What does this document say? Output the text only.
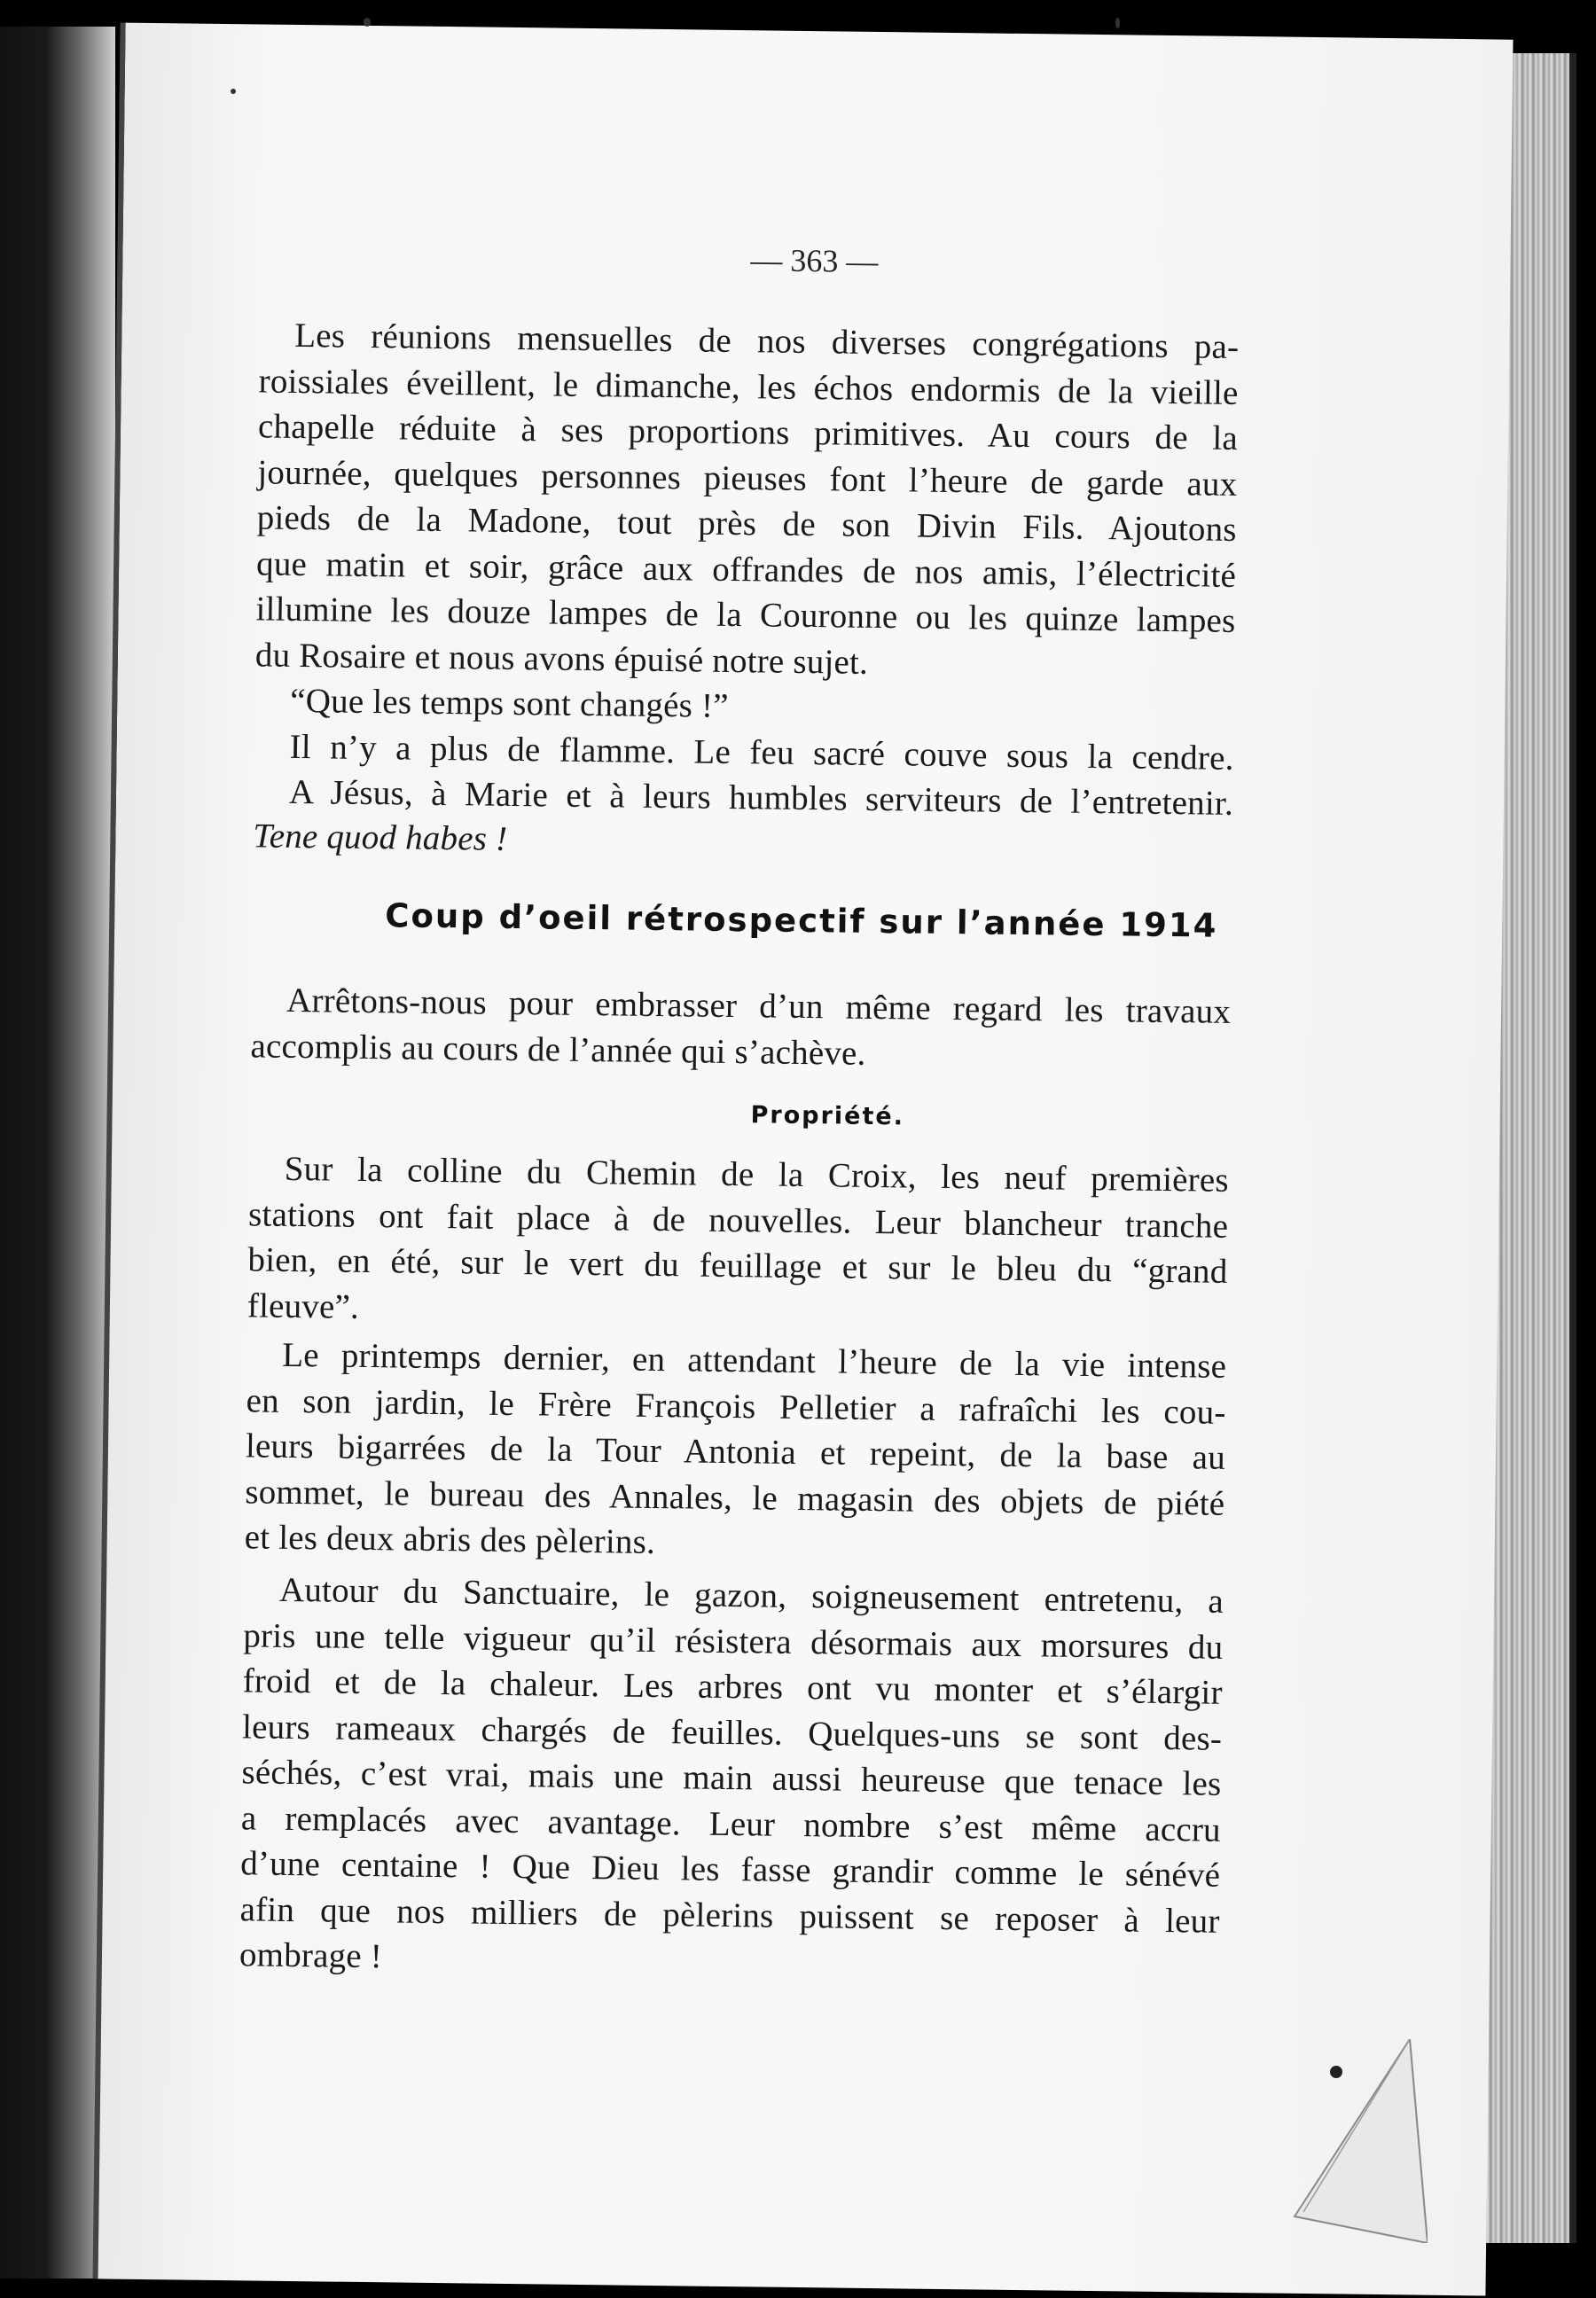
— 363 —
Les réunions mensuelles de nos diverses congrégations pa-
roissiales éveillent, le dimanche, les échos endormis de la vieille
chapelle réduite à ses proportions primitives. Au cours de la
journée, quelques personnes pieuses font l’heure de garde aux
pieds de la Madone, tout près de son Divin Fils. Ajoutons
que matin et soir, grâce aux offrandes de nos amis, l’électricité
illumine les douze lampes de la Couronne ou les quinze lampes
du Rosaire et nous avons épuisé notre sujet.
“Que les temps sont changés !”
Il n’y a plus de flamme. Le feu sacré couve sous la cendre.
A Jésus, à Marie et à leurs humbles serviteurs de l’entretenir.
Tene quod habes !
Arrêtons-nous pour embrasser d’un même regard les travaux
accomplis au cours de l’année qui s’achève.
Sur la colline du Chemin de la Croix, les neuf premières
stations ont fait place à de nouvelles. Leur blancheur tranche
bien, en été, sur le vert du feuillage et sur le bleu du “grand
fleuve”.
Le printemps dernier, en attendant l’heure de la vie intense
en son jardin, le Frère François Pelletier a rafraîchi les cou-
leurs bigarrées de la Tour Antonia et repeint, de la base au
sommet, le bureau des Annales, le magasin des objets de piété
et les deux abris des pèlerins.
Autour du Sanctuaire, le gazon, soigneusement entretenu, a
pris une telle vigueur qu’il résistera désormais aux morsures du
froid et de la chaleur. Les arbres ont vu monter et s’élargir
leurs rameaux chargés de feuilles. Quelques-uns se sont des-
séchés, c’est vrai, mais une main aussi heureuse que tenace les
a remplacés avec avantage. Leur nombre s’est même accru
d’une centaine ! Que Dieu les fasse grandir comme le sénévé
afin que nos milliers de pèlerins puissent se reposer à leur
ombrage !
Coup d’oeil rétrospectif sur l’année 1914
Propriété.
